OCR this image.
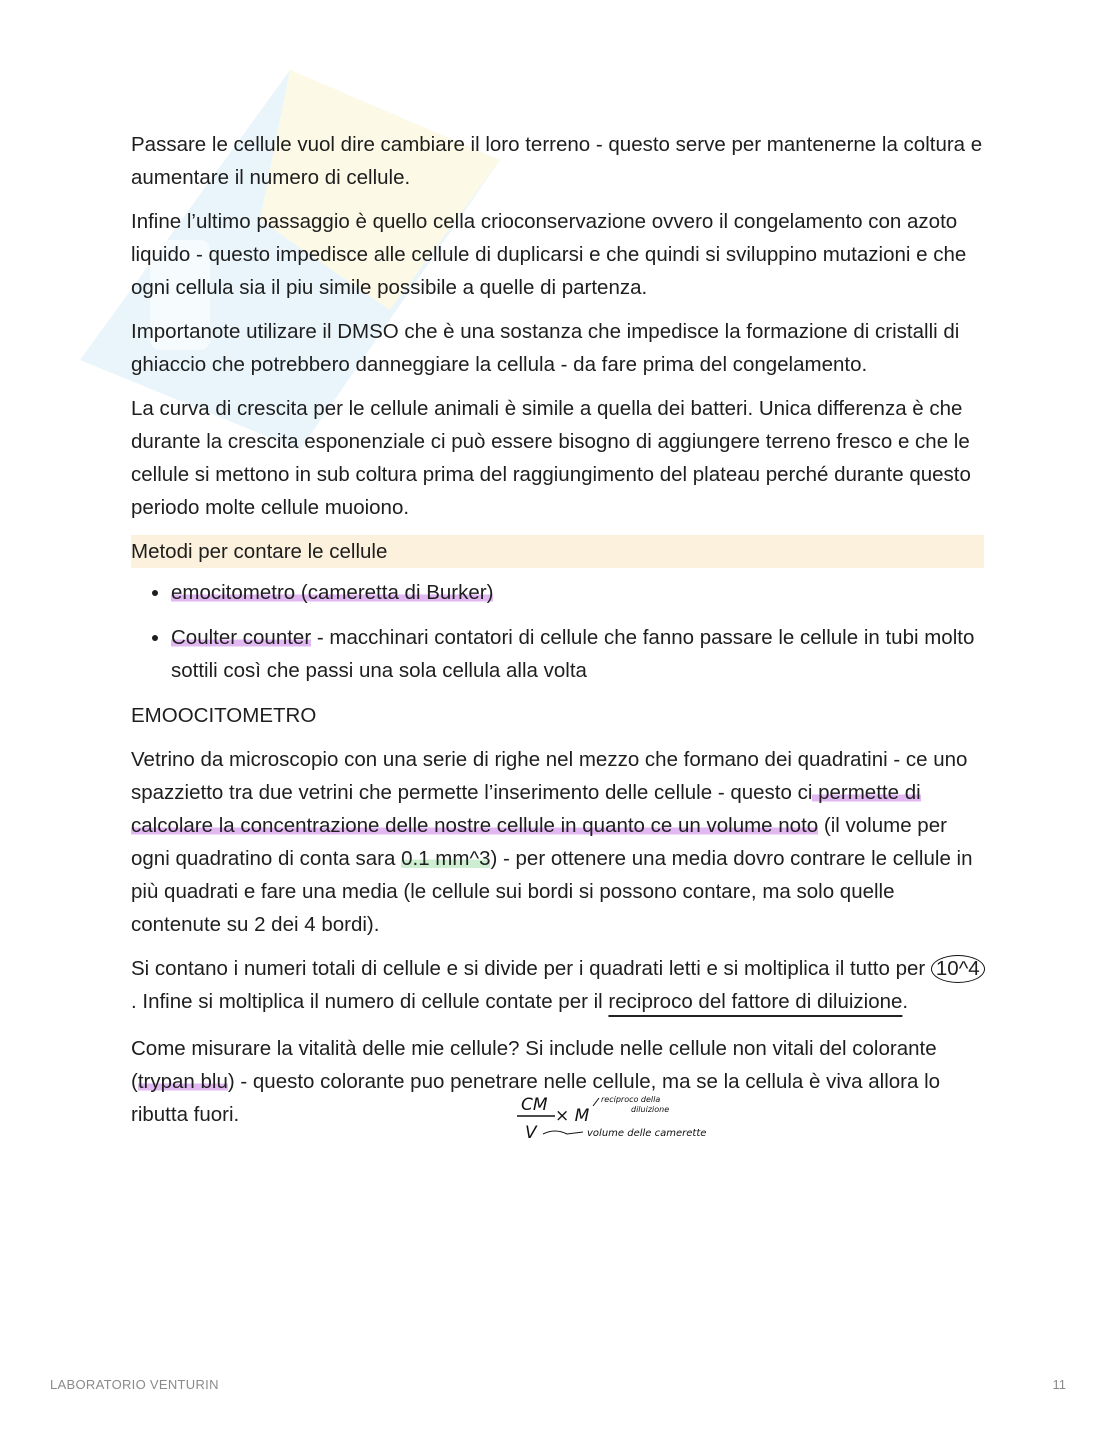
Passare le cellule vuol dire cambiare il loro terreno - questo serve per mantenerne la coltura e aumentare il numero di cellule.

Infine l’ultimo passaggio è quello cella crioconservazione ovvero il congelamento con azoto liquido - questo impedisce alle cellule di duplicarsi e che quindi si sviluppino mutazioni e che ogni cellula sia il piu simile possibile a quelle di partenza.

Importanote utilizare il DMSO che è una sostanza che impedisce la formazione di cristalli di ghiaccio che potrebbero danneggiare la cellula - da fare prima del congelamento.

La curva di crescita per le cellule animali è simile a quella dei batteri. Unica differenza è che durante la crescita esponenziale ci può essere bisogno di aggiungere terreno fresco e che le cellule si mettono in sub coltura prima del raggiungimento del plateau perché durante questo periodo molte cellule muoiono.

Metodi per contare le cellule
• emocitometro (cameretta di Burker)
• Coulter counter - macchinari contatori di cellule che fanno passare le cellule in tubi molto sottili così che passi una sola cellula alla volta

EMOOCITOMETRO

Vetrino da microscopio con una serie di righe nel mezzo che formano dei quadratini - ce uno spazzietto tra due vetrini che permette l’inserimento delle cellule - questo ci permette di calcolare la concentrazione delle nostre cellule in quanto ce un volume noto (il volume per ogni quadratino di conta sara 0.1 mm^3) - per ottenere una media dovro contrare le cellule in più quadrati e fare una media (le cellule sui bordi si possono contare, ma solo quelle contenute su 2 dei 4 bordi).

Si contano i numeri totali di cellule e si divide per i quadrati letti e si moltiplica il tutto per 10^4. Infine si moltiplica il numero di cellule contate per il reciproco del fattore di diluizione.

Come misurare la vitalità delle mie cellule? Si include nelle cellule non vitali del colorante (trypan blu) - questo colorante puo penetrare nelle cellule, ma se la cellula è viva allora lo ributta fuori.	CM
V
× M
reciproco della
diluizione
volume delle camerette
LABORATORIO VENTURIN	11
